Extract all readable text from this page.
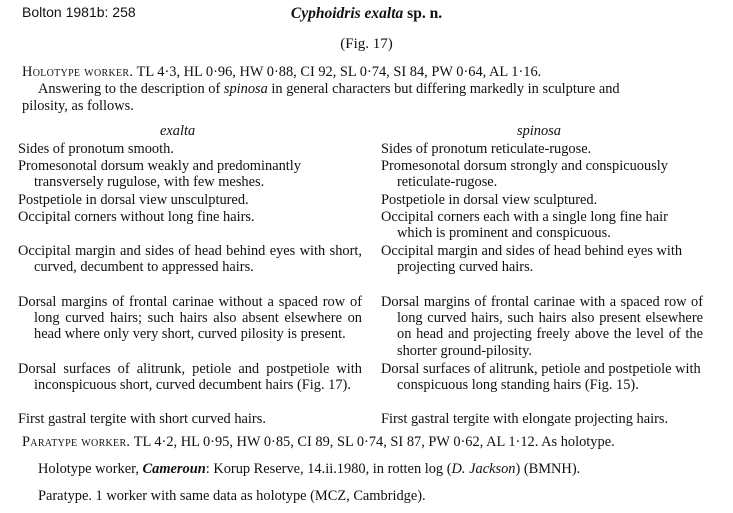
Bolton 1981b: 258	Cyphoidris exalta sp. n.
(Fig. 17)
Holotype worker. TL 4·3, HL 0·96, HW 0·88, CI 92, SL 0·74, SI 84, PW 0·64, AL 1·16.
Answering to the description of spinosa in general characters but differing markedly in sculpture and
pilosity, as follows.
exalta	spinosa
Sides of pronotum smooth.
Promesonotal dorsum weakly and predominantly transversely rugulose, with few meshes.
Postpetiole in dorsal view unsculptured.
Occipital corners without long fine hairs.
Occipital margin and sides of head behind eyes with short, curved, decumbent to appressed hairs.
Dorsal margins of frontal carinae without a spaced row of long curved hairs; such hairs also absent elsewhere on head where only very short, curved pilosity is present.
Dorsal surfaces of alitrunk, petiole and postpetiole with inconspicuous short, curved decumbent hairs (Fig. 17).
First gastral tergite with short curved hairs.
Sides of pronotum reticulate-rugose.
Promesonotal dorsum strongly and conspicuously reticulate-rugose.
Postpetiole in dorsal view sculptured.
Occipital corners each with a single long fine hair which is prominent and conspicuous.
Occipital margin and sides of head behind eyes with projecting curved hairs.
Dorsal margins of frontal carinae with a spaced row of long curved hairs, such hairs also present elsewhere on head and projecting freely above the level of the shorter ground-pilosity.
Dorsal surfaces of alitrunk, petiole and postpetiole with conspicuous long standing hairs (Fig. 15).
First gastral tergite with elongate projecting hairs.
Paratype worker. TL 4·2, HL 0·95, HW 0·85, CI 89, SL 0·74, SI 87, PW 0·62, AL 1·12. As holotype.
Holotype worker, Cameroun: Korup Reserve, 14.ii.1980, in rotten log (D. Jackson) (BMNH).
Paratype. 1 worker with same data as holotype (MCZ, Cambridge).
